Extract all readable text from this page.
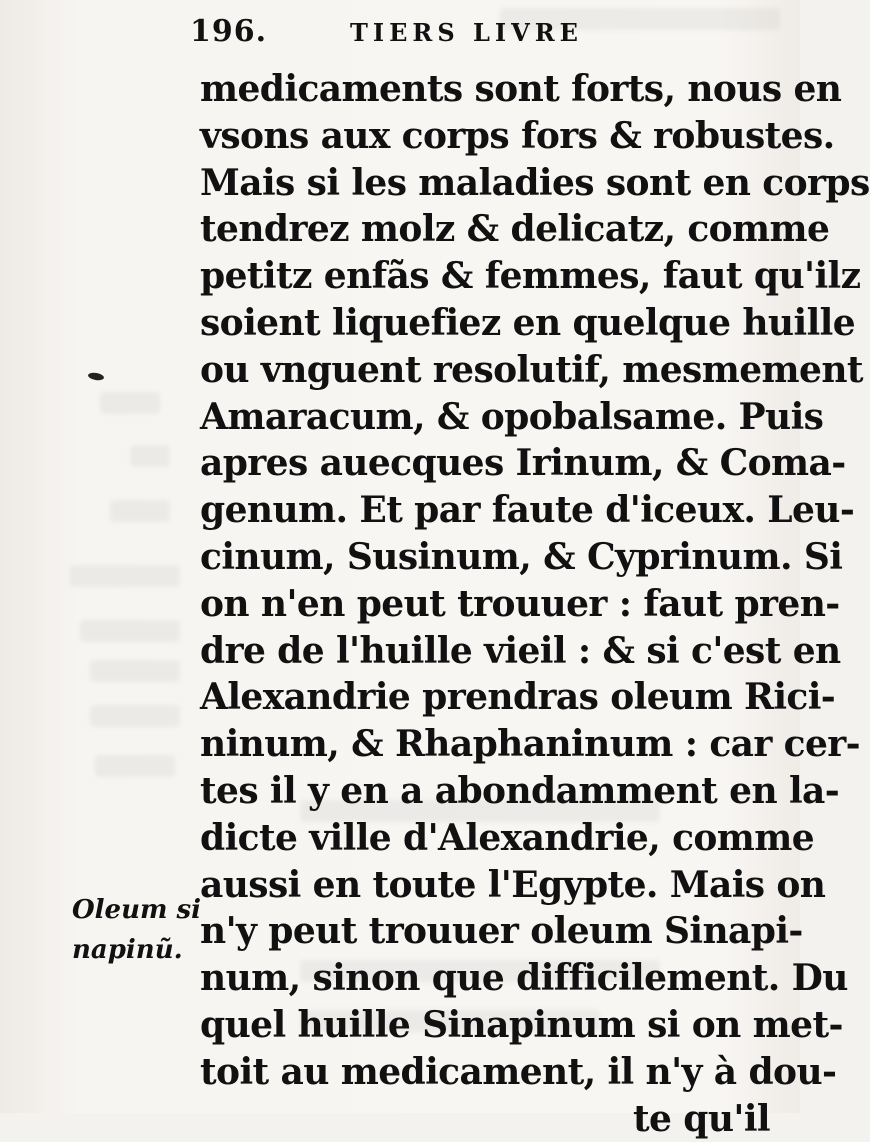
196.	TIERS LIVRE
medicaments sont forts, nous en
vsons aux corps fors & robustes.
Mais si les maladies sont en corps
tendrez molz & delicatz, comme
petitz enfãs & femmes, faut qu'ilz
soient liquefiez en quelque huille
ou vnguent resolutif, mesmement
Amaracum, & opobalsame. Puis
apres auecques Irinum, & Coma-
genum. Et par faute d'iceux. Leu-
cinum, Susinum, & Cyprinum. Si
on n'en peut trouuer : faut pren-
dre de l'huille vieil : & si c'est en
Alexandrie prendras oleum Rici-
ninum, & Rhaphaninum : car cer-
tes il y en a abondamment en la-
dicte ville d'Alexandrie, comme
aussi en toute l'Egypte. Mais on
n'y peut trouuer oleum Sinapi-
num, sinon que difficilement. Du
quel huille Sinapinum si on met-
toit au medicament, il n'y à dou-
te qu'il
Oleum si
napinũ.
